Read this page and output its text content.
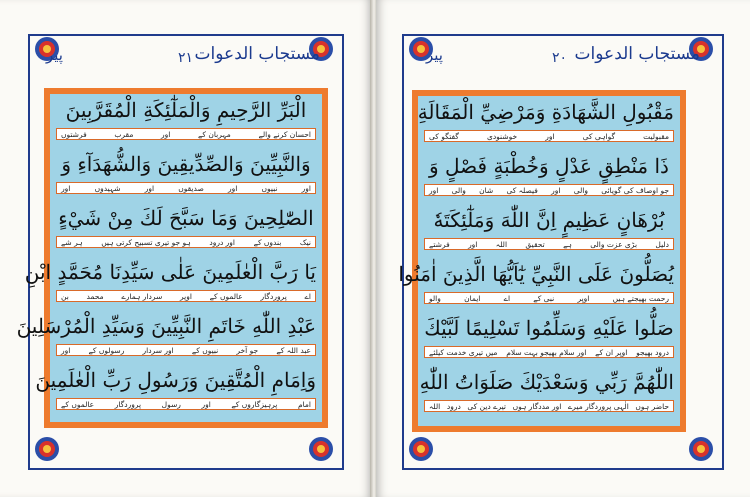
پیر	٢١ مستجاب الدعوات
الْبَرِّ الرَّحِيمِ وَالْمَلٰٓئِكَةِ الْمُقَرَّبِينَ
احسان کرنے والے
مہربان کے
اور
مقرب
فرشتوں
وَالنَّبِيِّينَ وَالصِّدِّيقِينَ وَالشُّهَدَآءِ وَ
اور
نبیوں
اور
صدیقوں
اور
شہیدوں
اور
الصّٰلِحِينَ وَمَا سَبَّحَ لَكَ مِنْ شَيْءٍ
نیک
بندوں کے
اور درود
ہو جو تیری تسبیح کرتی ہیں
ہر شے
يَا رَبَّ الْعٰلَمِينَ عَلٰى سَيِّدِنَا مُحَمَّدٍ ابْنِ
اے
پروردگار
عالموں کے
اوپر
سردار ہمارے
محمد
بن
عَبْدِ اللّٰهِ خَاتَمِ النَّبِيِّينَ وَسَيِّدِ الْمُرْسَلِينَ
عبد اللہ کے
جو آخر
نبیوں کے
اور سردار
رسولوں کے
اور
وَاِمَامِ الْمُتَّقِينَ وَرَسُولِ رَبِّ الْعٰلَمِينَ
امام
پرہیزگاروں کے
اور
رسول
پروردگار
عالموں کے
پیر	٢٠ مستجاب الدعوات
مَقْبُولِ الشَّهَادَةِ وَمَرْضِيِّ الْمَقَالَةِ
مقبولیت
گواہی کی
اور
خوشنودی
گفتگو کی
ذَا مَنْطِقٍ عَدْلٍ وَخُطْبَةٍ فَصْلٍ وَ
جو اوصاف کی گویائی
والی
اور
فیصلہ کی
شان
والی
اور
بُرْهَانٍ عَظِيمٍ اِنَّ اللّٰهَ وَمَلٰٓئِكَتَهٗ
دلیل
بڑی عزت والی
ہے
تحقیق
اللہ
اور
فرشتے
يُصَلُّونَ عَلَى النَّبِيِّ يٰٓاَيُّهَا الَّذِينَ اٰمَنُوا
رحمت بھیجتے ہیں
اوپر
نبی کے
اے
ایمان
والو
صَلُّوا عَلَيْهِ وَسَلِّمُوا تَسْلِيمًا لَبَّيْكَ
درود بھیجو
اوپر ان کے
اور سلام بھیجو بہت سلام
میں تیری خدمت کیلئے
اللّٰهُمَّ رَبِّي وَسَعْدَيْكَ صَلَوَاتُ اللّٰهِ
حاضر ہوں
الٰہی پروردگار میرے
اور مددگار ہوں
تیرے دین کی
درود
اللہ
